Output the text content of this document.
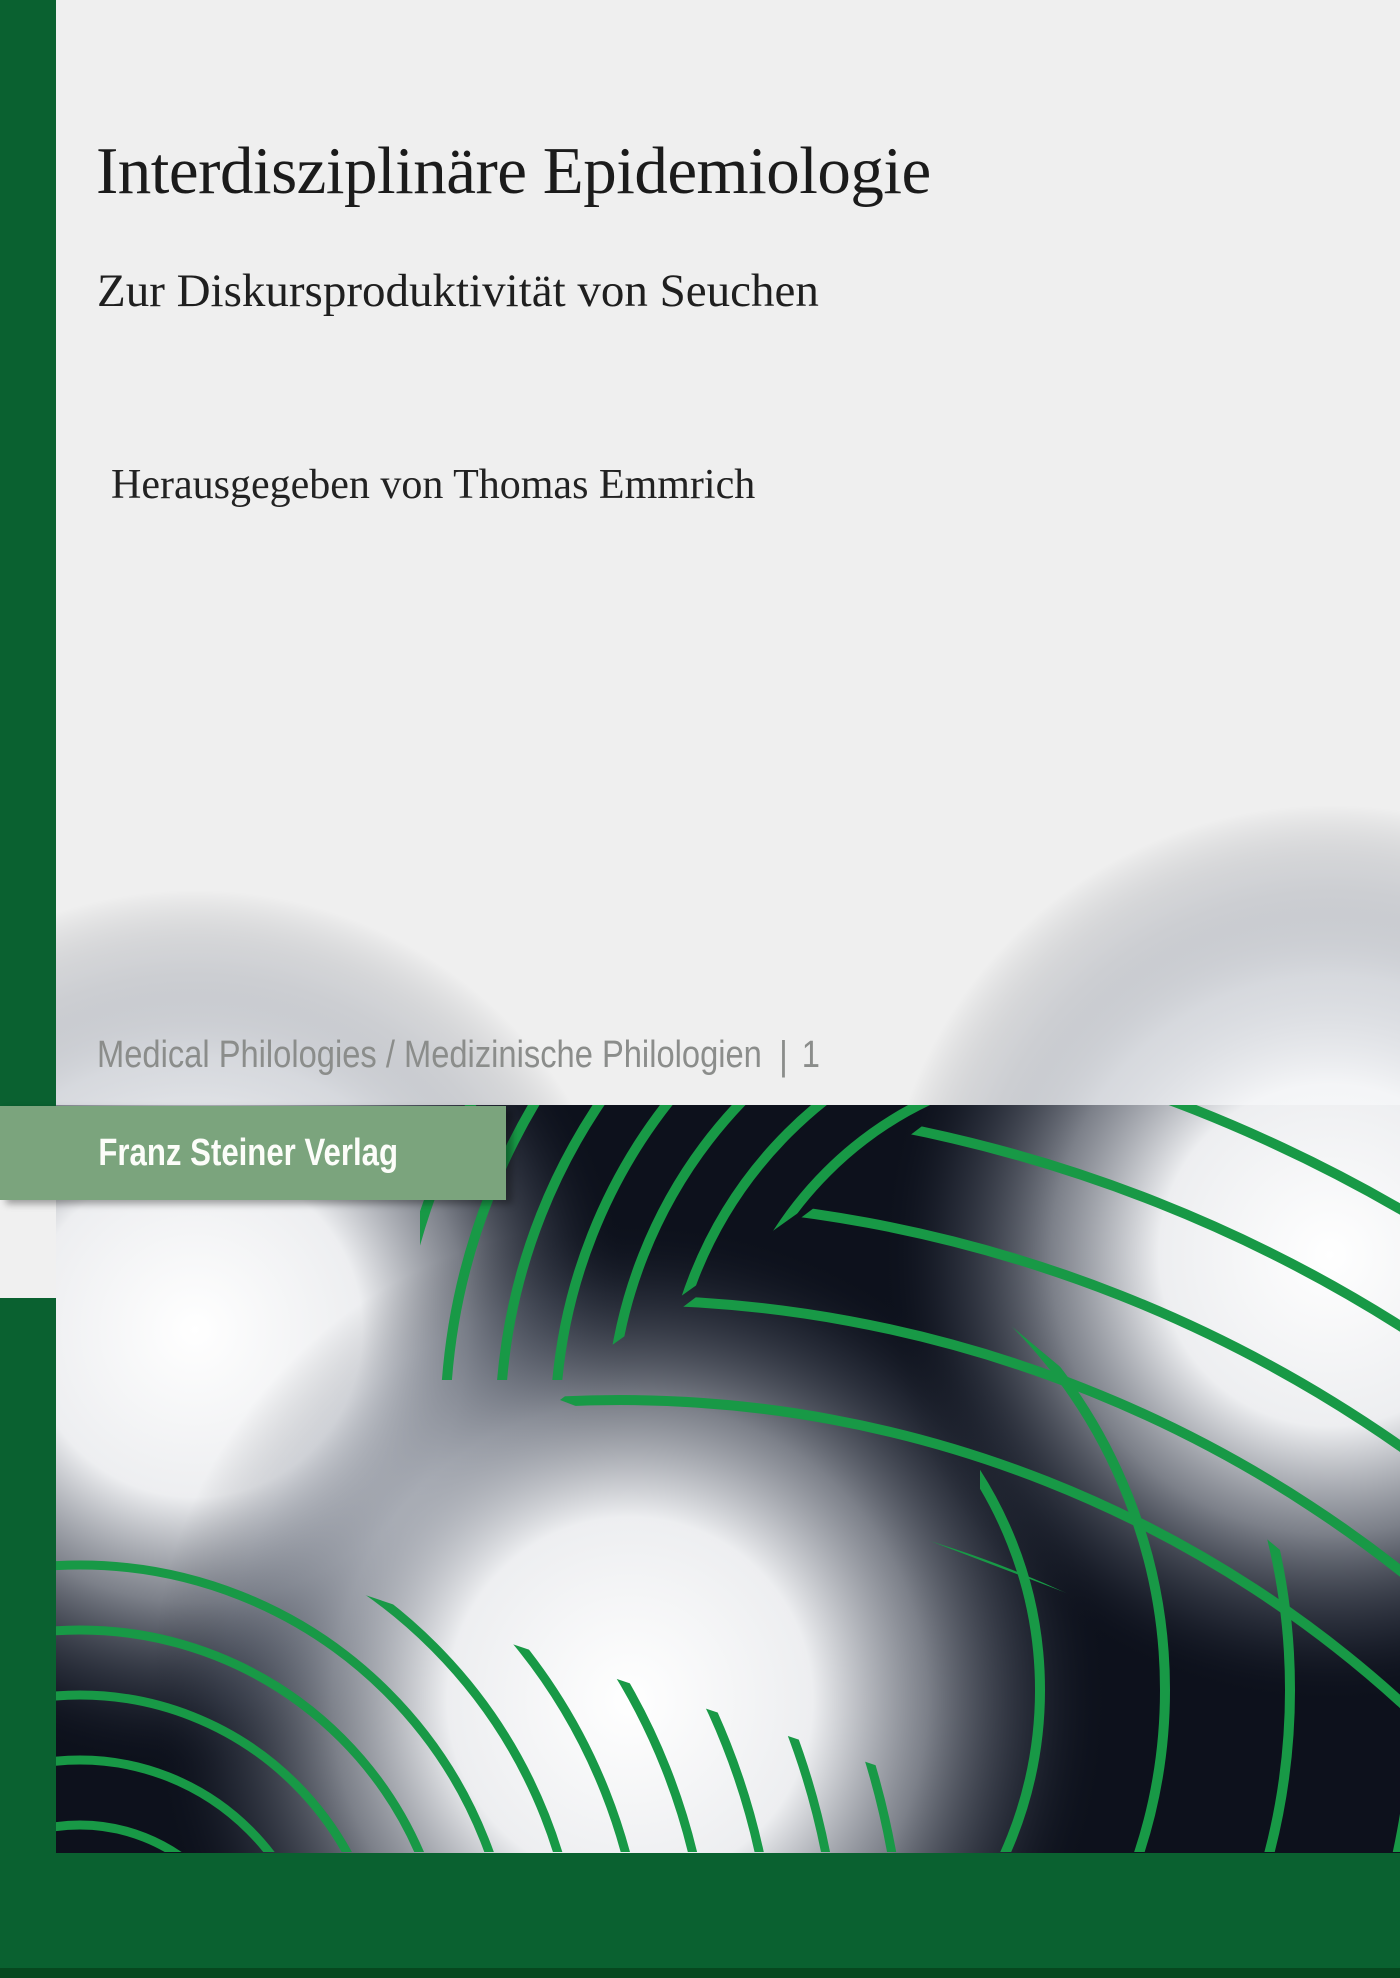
Franz Steiner Verlag
Interdisziplinäre Epidemiologie
Zur Diskursproduktivität von Seuchen
Herausgegeben von Thomas Emmrich
Medical Philologies / Medizinische Philologien | 1
